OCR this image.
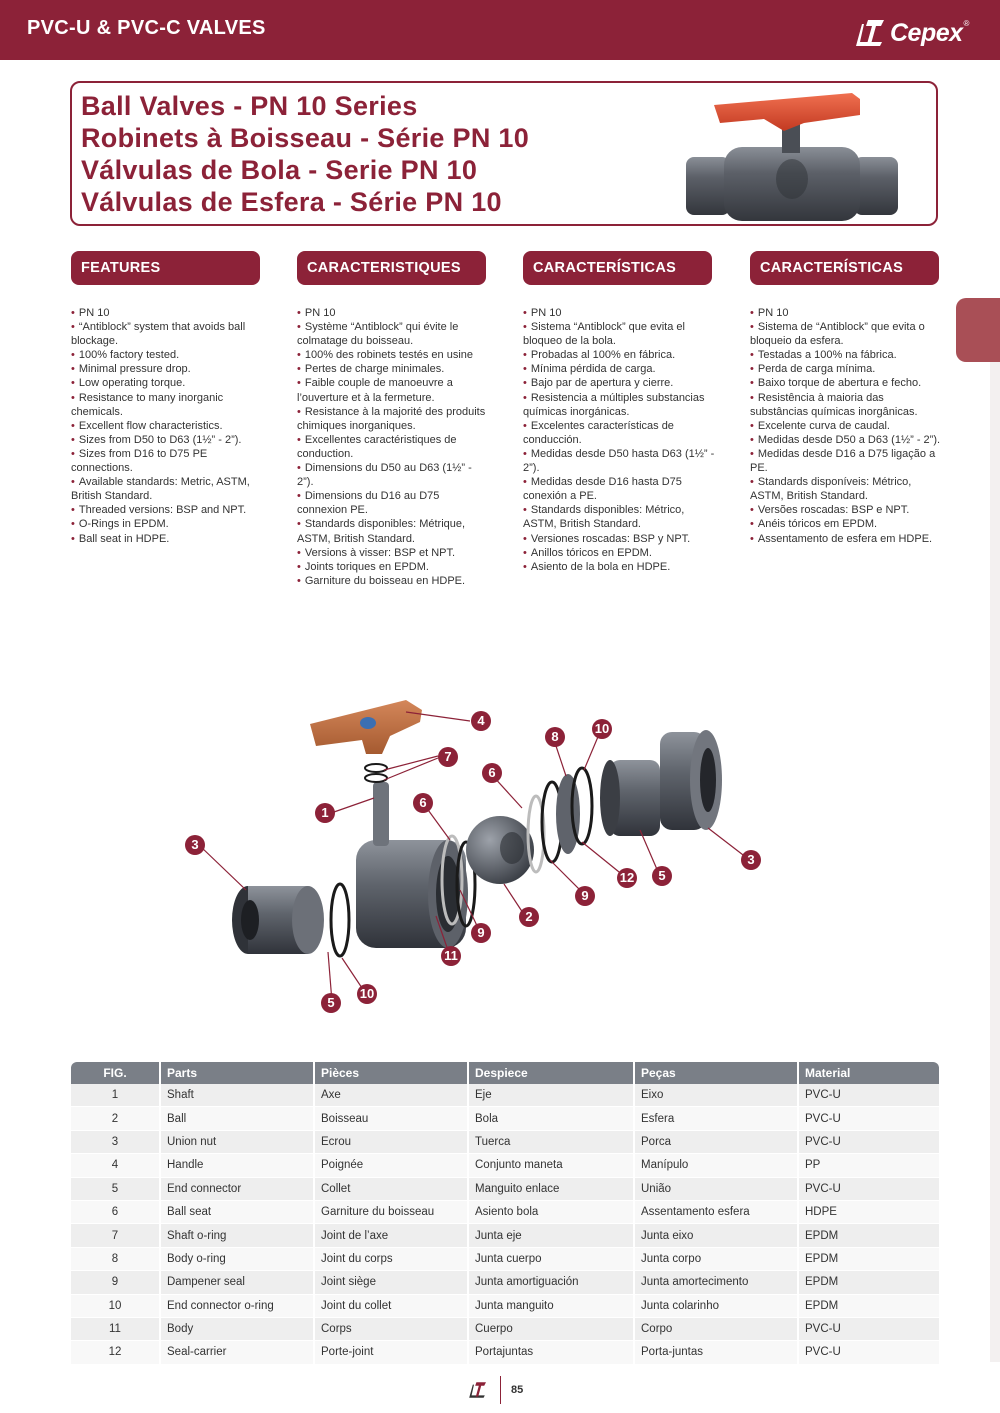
PVC-U & PVC-C VALVES	Cepex ®
Ball Valves - PN 10 Series
Robinets à Boisseau - Série PN 10
Válvulas de Bola - Serie PN 10
Válvulas de Esfera - Série PN 10
FEATURES	CARACTERISTIQUES	CARACTERÍSTICAS	CARACTERÍSTICAS
• PN 10
• “Antiblock” system that avoids ball blockage.
• 100% factory tested.
• Minimal pressure drop.
• Low operating torque.
• Resistance to many inorganic chemicals.
• Excellent flow characteristics.
• Sizes from D50 to D63 (1½” - 2”).
• Sizes from D16 to D75 PE connections.
• Available standards: Metric, ASTM, British Standard.
• Threaded versions: BSP and NPT.
• O-Rings in EPDM.
• Ball seat in HDPE.
• PN 10
• Système “Antiblock” qui évite le colmatage du boisseau.
• 100% des robinets testés en usine
• Pertes de charge minimales.
• Faible couple de manoeuvre a l’ouverture et à la fermeture.
• Resistance à la majorité des produits chimiques inorganiques.
• Excellentes caractéristiques de conduction.
• Dimensions du D50 au D63 (1½” - 2”).
• Dimensions du D16 au D75 connexion PE.
• Standards disponibles: Métrique, ASTM, British Standard.
• Versions à visser: BSP et NPT.
• Joints toriques en EPDM.
• Garniture du boisseau en HDPE.
• PN 10
• Sistema “Antiblock” que evita el bloqueo de la bola.
• Probadas al 100% en fábrica.
• Mínima pérdida de carga.
• Bajo par de apertura y cierre.
• Resistencia a múltiples substancias químicas inorgánicas.
• Excelentes características de conducción.
• Medidas desde D50 hasta D63 (1½” - 2”).
• Medidas desde D16 hasta D75 conexión a PE.
• Standards disponibles: Métrico, ASTM, British Standard.
• Versiones roscadas: BSP y NPT.
• Anillos tóricos en EPDM.
• Asiento de la bola en HDPE.
• PN 10
• Sistema de “Antiblock” que evita o bloqueio da esfera.
• Testadas a 100% na fábrica.
• Perda de carga mínima.
• Baixo torque de abertura e fecho.
• Resistência à maioria das substâncias químicas inorgânicas.
• Excelente curva de caudal.
• Medidas desde D50 a D63 (1½” - 2”).
• Medidas desde D16 a D75 ligação a PE.
• Standards disponíveis: Métrico, ASTM, British Standard.
• Versões roscadas: BSP e NPT.
• Anéis tóricos em EPDM.
• Assentamento de esfera em HDPE.
1
2
3
3
4
5
5
6
6
7
8
9
9
10
10
11
12
FIG.	Parts	Pièces	Despiece	Peças	Material
1	Shaft	Axe	Eje	Eixo	PVC-U
2	Ball	Boisseau	Bola	Esfera	PVC-U
3	Union nut	Ecrou	Tuerca	Porca	PVC-U
4	Handle	Poignée	Conjunto maneta	Manípulo	PP
5	End connector	Collet	Manguito enlace	União	PVC-U
6	Ball seat	Garniture du boisseau	Asiento bola	Assentamento esfera	HDPE
7	Shaft o-ring	Joint de l’axe	Junta eje	Junta eixo	EPDM
8	Body o-ring	Joint du corps	Junta cuerpo	Junta corpo	EPDM
9	Dampener seal	Joint siège	Junta amortiguación	Junta amortecimento	EPDM
10	End connector o-ring	Joint du collet	Junta manguito	Junta colarinho	EPDM
11	Body	Corps	Cuerpo	Corpo	PVC-U
12	Seal-carrier	Porte-joint	Portajuntas	Porta-juntas	PVC-U
85
